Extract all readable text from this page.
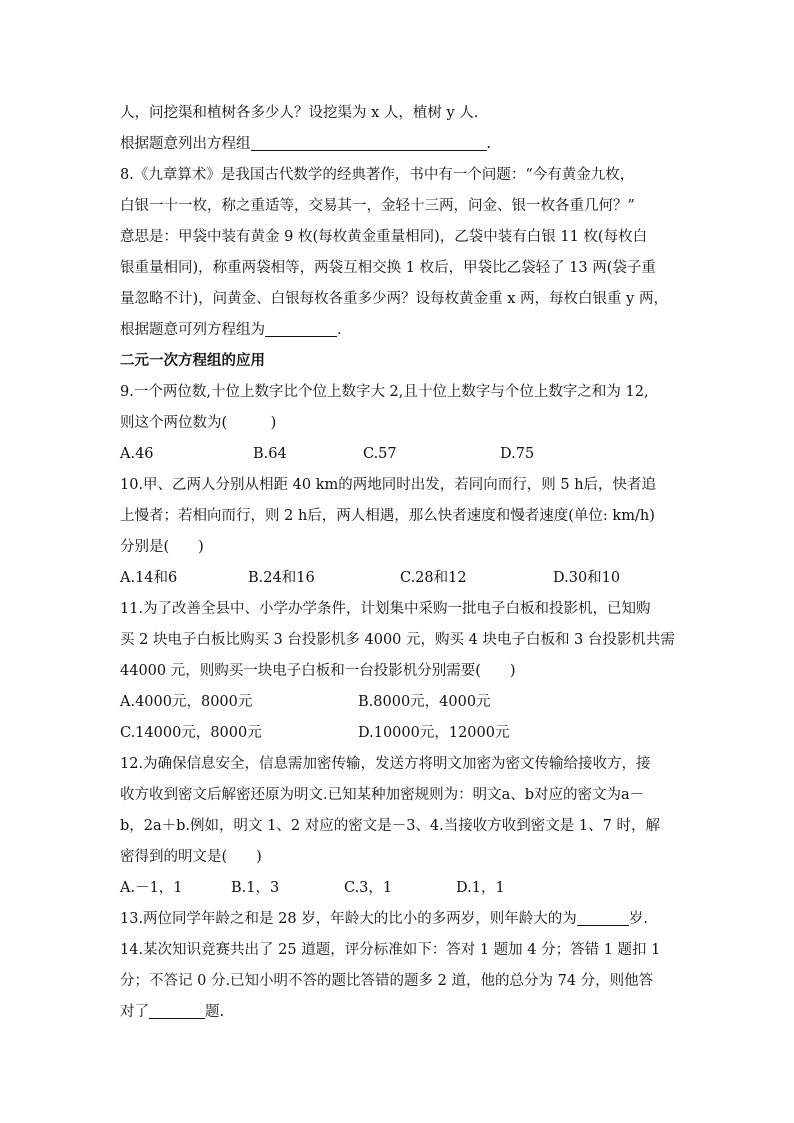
人，问挖渠和植树各多少人？设挖渠为 x 人，植树 y 人.
根据题意列出方程组	.
8.《九章算术》是我国古代数学的经典著作，书中有一个问题：“今有黄金九枚，
白银一十一枚，称之重适等，交易其一，金轻十三两，问金、银一枚各重几何？”
意思是：甲袋中装有黄金 9 枚(每枚黄金重量相同)，乙袋中装有白银 11 枚(每枚白
银重量相同)，称重两袋相等，两袋互相交换 1 枚后，甲袋比乙袋轻了 13 两(袋子重
量忽略不计)，问黄金、白银每枚各重多少两？设每枚黄金重 x 两，每枚白银重 y 两，
根据题意可列方程组为	.
二元一次方程组的应用
9.一个两位数,十位上数字比个位上数字大 2,且十位上数字与个位上数字之和为 12,
则这个两位数为(　　　)
A.46	B.64	C.57	D.75
10.甲、乙两人分别从相距 40 km的两地同时出发，若同向而行，则 5 h后，快者追
上慢者；若相向而行，则 2 h后，两人相遇，那么快者速度和慢者速度(单位: km/h)
分别是(　　)
A.14和6	B.24和16	C.28和12	D.30和10
11.为了改善全县中、小学办学条件，计划集中采购一批电子白板和投影机，已知购
买 2 块电子白板比购买 3 台投影机多 4000 元，购买 4 块电子白板和 3 台投影机共需
44000 元，则购买一块电子白板和一台投影机分别需要(　　)
A.4000元，8000元	B.8000元，4000元
C.14000元，8000元	D.10000元，12000元
12.为确保信息安全，信息需加密传输，发送方将明文加密为密文传输给接收方，接
收方收到密文后解密还原为明文.已知某种加密规则为：明文a、b对应的密文为a－
b，2a＋b.例如，明文 1、2 对应的密文是－3、4.当接收方收到密文是 1、7 时，解
密得到的明文是(　　)
A.－1，1	B.1，3	C.3，1	D.1，1
13.两位同学年龄之和是 28 岁，年龄大的比小的多两岁，则年龄大的为	岁.
14.某次知识竞赛共出了 25 道题，评分标准如下：答对 1 题加 4 分；答错 1 题扣 1
分；不答记 0 分.已知小明不答的题比答错的题多 2 道，他的总分为 74 分，则他答
对了	题.
